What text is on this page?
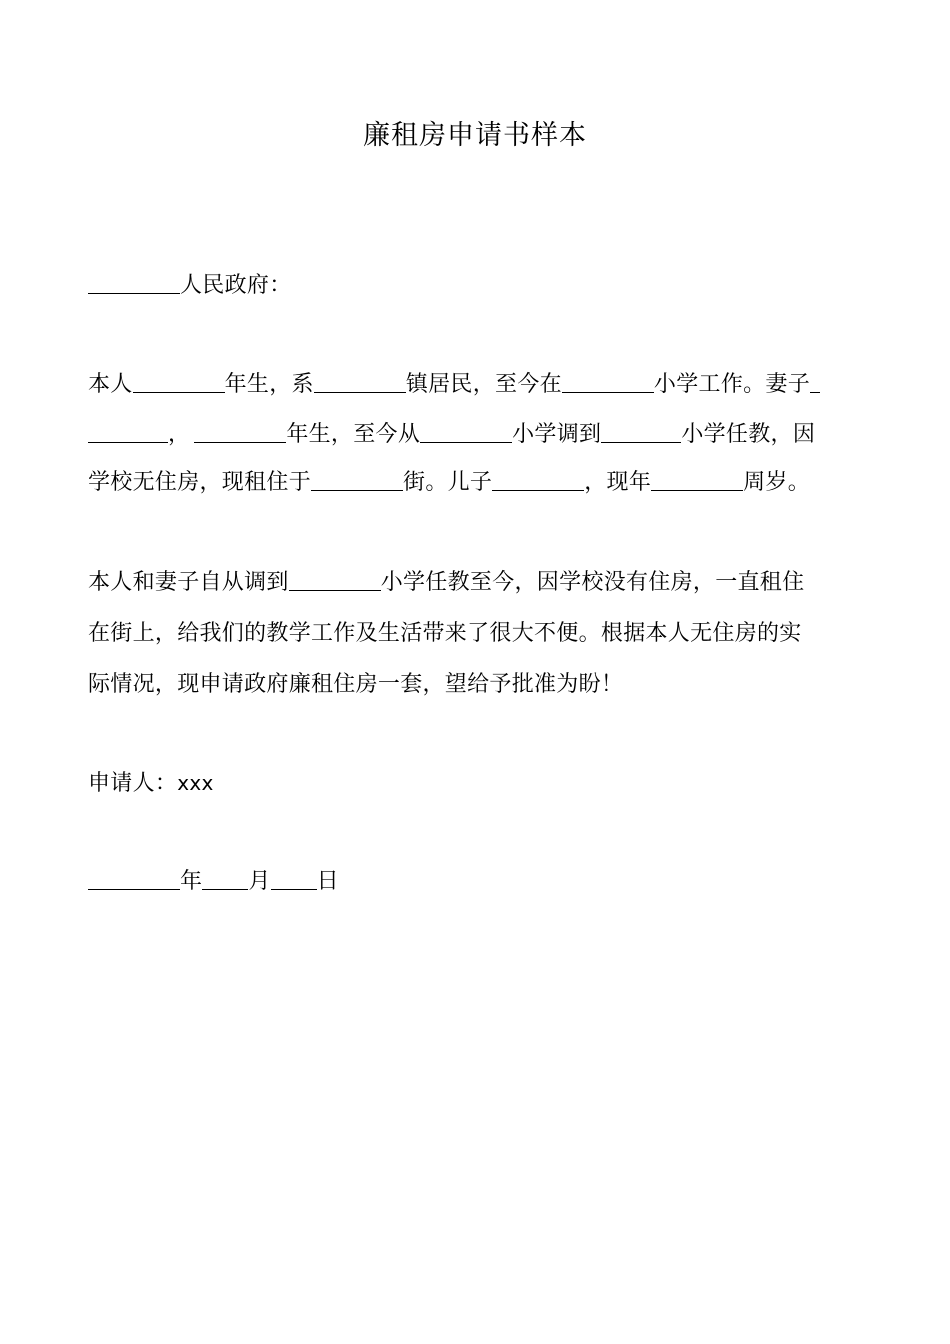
廉租房申请书样本
人民政府：
本人	年生，系	镇居民，至今在	小学工作。妻子
，	年生，至今从	小学调到	小学任教，因
学校无住房，现租住于	街。儿子	，现年	周岁。
本人和妻子自从调到	小学任教至今，因学校没有住房，一直租住
在街上，给我们的教学工作及生活带来了很大不便。根据本人无住房的实
际情况，现申请政府廉租住房一套，望给予批准为盼！
申请人：xxx
年 月 日
